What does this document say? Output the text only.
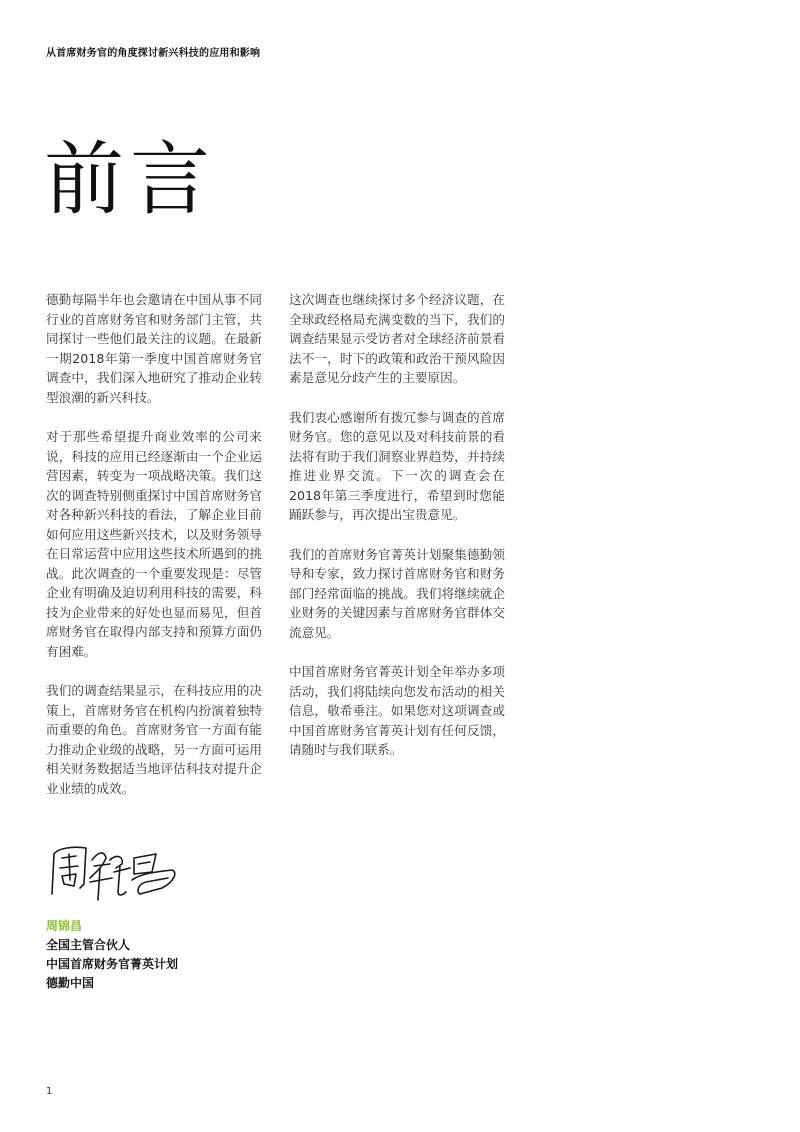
从首席财务官的角度探讨新兴科技的应用和影响
前言

德勤每隔半年也会邀请在中国从事不同行业的首席财务官和财务部门主管，共同探讨一些他们最关注的议题。在最新一期2018年第一季度中国首席财务官调查中，我们深入地研究了推动企业转型浪潮的新兴科技。

对于那些希望提升商业效率的公司来说，科技的应用已经逐渐由一个企业运营因素，转变为一项战略决策。我们这次的调查特别侧重探讨中国首席财务官对各种新兴科技的看法，了解企业目前如何应用这些新兴技术，以及财务领导在日常运营中应用这些技术所遇到的挑战。此次调查的一个重要发现是：尽管企业有明确及迫切利用科技的需要，科技为企业带来的好处也显而易见，但首席财务官在取得内部支持和预算方面仍有困难。

我们的调查结果显示，在科技应用的决策上，首席财务官在机构内扮演着独特而重要的角色。首席财务官一方面有能力推动企业级的战略，另一方面可运用相关财务数据适当地评估科技对提升企业业绩的成效。

这次调查也继续探讨多个经济议题，在全球政经格局充满变数的当下，我们的调查结果显示受访者对全球经济前景看法不一，时下的政策和政治干预风险因素是意见分歧产生的主要原因。

我们衷心感谢所有拨冗参与调查的首席财务官。您的意见以及对科技前景的看法将有助于我们洞察业界趋势，并持续推进业界交流。下一次的调查会在2018年第三季度进行，希望到时您能踊跃参与，再次提出宝贵意见。

我们的首席财务官菁英计划聚集德勤领导和专家，致力探讨首席财务官和财务部门经常面临的挑战。我们将继续就企业财务的关键因素与首席财务官群体交流意见。

中国首席财务官菁英计划全年举办多项活动，我们将陆续向您发布活动的相关信息，敬希垂注。如果您对这项调查或中国首席财务官菁英计划有任何反馈，请随时与我们联系。

周锦昌
全国主管合伙人
中国首席财务官菁英计划
德勤中国
1
